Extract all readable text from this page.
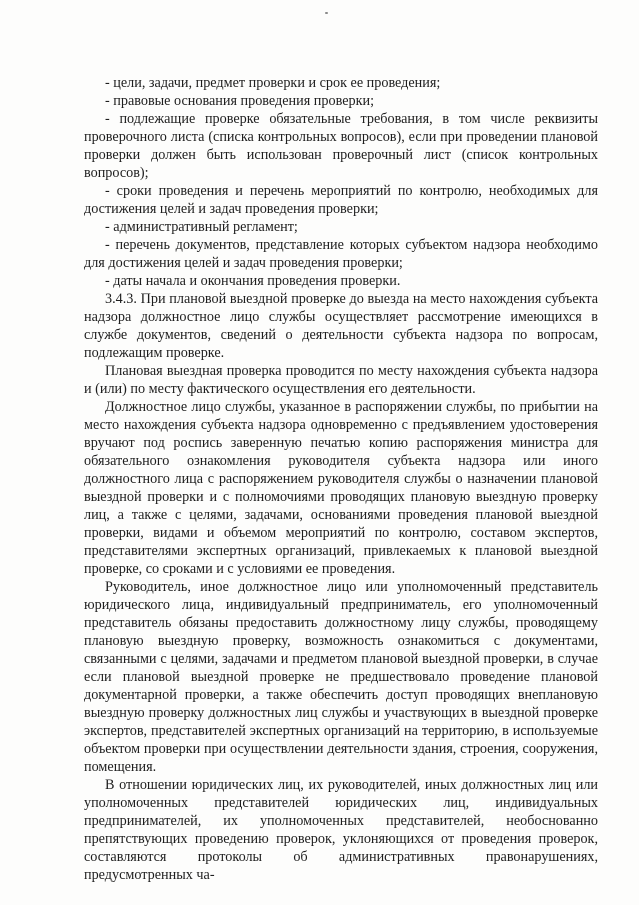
- цели, задачи, предмет проверки и срок ее проведения;

- правовые основания проведения проверки;

- подлежащие проверке обязательные требования, в том числе реквизиты проверочного листа (списка контрольных вопросов), если при проведении плановой проверки должен быть использован проверочный лист (список контрольных вопросов);

- сроки проведения и перечень мероприятий по контролю, необходимых для достижения целей и задач проведения проверки;

- административный регламент;

- перечень документов, представление которых субъектом надзора необходимо для достижения целей и задач проведения проверки;

- даты начала и окончания проведения проверки.

3.4.3. При плановой выездной проверке до выезда на место нахождения субъекта надзора должностное лицо службы осуществляет рассмотрение имеющихся в службе документов, сведений о деятельности субъекта надзора по вопросам, подлежащим проверке.

Плановая выездная проверка проводится по месту нахождения субъекта надзора и (или) по месту фактического осуществления его деятельности.

Должностное лицо службы, указанное в распоряжении службы, по прибытии на место нахождения субъекта надзора одновременно с предъявлением удостоверения вручают под роспись заверенную печатью копию распоряжения министра для обязательного ознакомления руководителя субъекта надзора или иного должностного лица с распоряжением руководителя службы о назначении плановой выездной проверки и с полномочиями проводящих плановую выездную проверку лиц, а также с целями, задачами, основаниями проведения плановой выездной проверки, видами и объемом мероприятий по контролю, составом экспертов, представителями экспертных организаций, привлекаемых к плановой выездной проверке, со сроками и с условиями ее проведения.

Руководитель, иное должностное лицо или уполномоченный представитель юридического лица, индивидуальный предприниматель, его уполномоченный представитель обязаны предоставить должностному лицу службы, проводящему плановую выездную проверку, возможность ознакомиться с документами, связанными с целями, задачами и предметом плановой выездной проверки, в случае если плановой выездной проверке не предшествовало проведение плановой документарной проверки, а также обеспечить доступ проводящих внеплановую выездную проверку должностных лиц службы и участвующих в выездной проверке экспертов, представителей экспертных организаций на территорию, в используемые объектом проверки при осуществлении деятельности здания, строения, сооружения, помещения.

В отношении юридических лиц, их руководителей, иных должностных лиц или уполномоченных представителей юридических лиц, индивидуальных предпринимателей, их уполномоченных представителей, необоснованно препятствующих проведению проверок, уклоняющихся от проведения проверок, составляются протоколы об административных правонарушениях, предусмотренных ча-
